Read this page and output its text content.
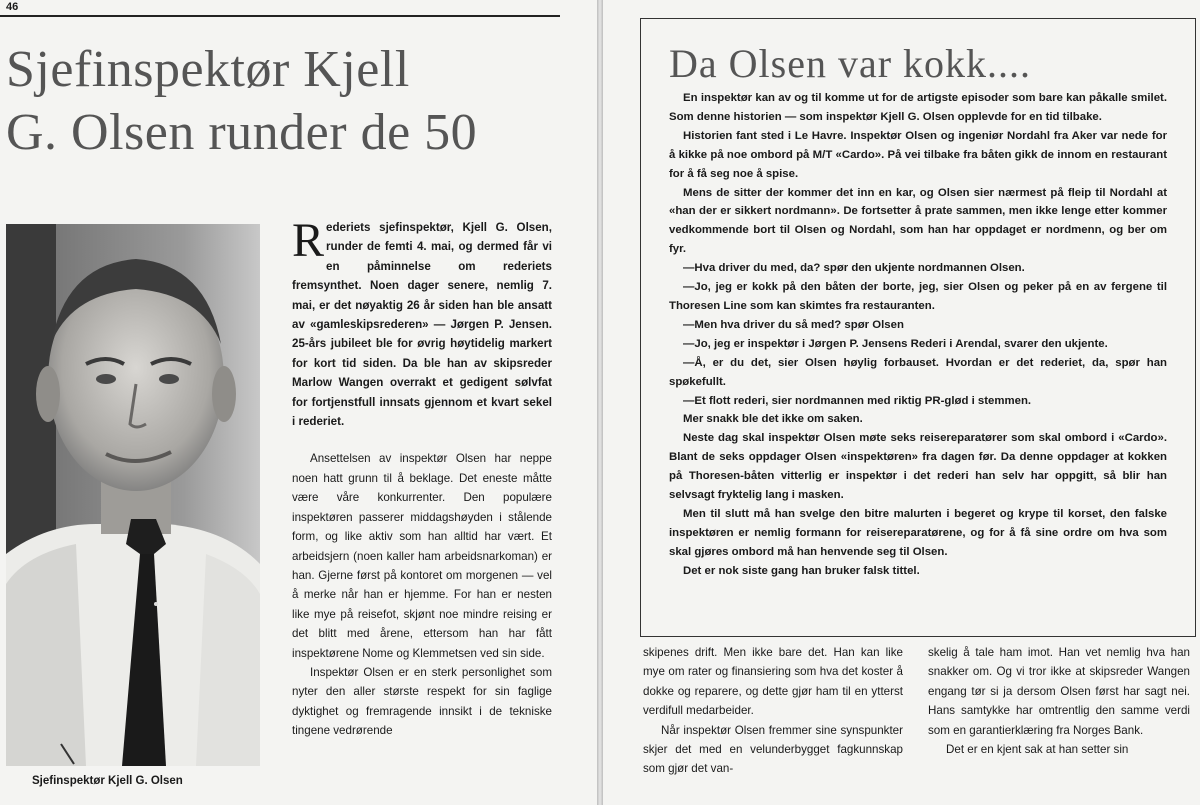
46
Sjefinspektør Kjell
G. Olsen runder de 50

Sjefinspektør Kjell G. Olsen

Rederiets sjefinspektør, Kjell G. Olsen, runder de femti 4. mai, og dermed får vi en påminnelse om rederiets fremsynthet. Noen dager senere, nemlig 7. mai, er det nøyaktig 26 år siden han ble ansatt av «gamleskipsrederen» — Jørgen P. Jensen. 25-års jubileet ble for øvrig høytidelig markert for kort tid siden. Da ble han av skipsreder Marlow Wangen overrakt et gedigent sølvfat for fortjenstfull innsats gjennom et kvart sekel i rederiet.

Ansettelsen av inspektør Olsen har neppe noen hatt grunn til å beklage. Det eneste måtte være våre konkurrenter. Den populære inspektøren passerer middagshøyden i stålende form, og like aktiv som han alltid har vært. Et arbeidsjern (noen kaller ham arbeidsnarkoman) er han. Gjerne først på kontoret om morgenen — vel å merke når han er hjemme. For han er nesten like mye på reisefot, skjønt noe mindre reising er det blitt med årene, ettersom han har fått inspektørene Nome og Klemmetsen ved sin side.

Inspektør Olsen er en sterk personlighet som nyter den aller største respekt for sin faglige dyktighet og fremragende innsikt i de tekniske tingene vedrørende

Da Olsen var kokk....

En inspektør kan av og til komme ut for de artigste episoder som bare kan påkalle smilet. Som denne historien — som inspektør Kjell G. Olsen opplevde for en tid tilbake.

Historien fant sted i Le Havre. Inspektør Olsen og ingeniør Nordahl fra Aker var nede for å kikke på noe ombord på M/T «Cardo». På vei tilbake fra båten gikk de innom en restaurant for å få seg noe å spise.

Mens de sitter der kommer det inn en kar, og Olsen sier nærmest på fleip til Nordahl at «han der er sikkert nordmann». De fortsetter å prate sammen, men ikke lenge etter kommer vedkommende bort til Olsen og Nordahl, som han har oppdaget er nordmenn, og ber om fyr.

—Hva driver du med, da? spør den ukjente nordmannen Olsen.

—Jo, jeg er kokk på den båten der borte, jeg, sier Olsen og peker på en av fergene til Thoresen Line som kan skimtes fra restauranten.

—Men hva driver du så med? spør Olsen

—Jo, jeg er inspektør i Jørgen P. Jensens Rederi i Arendal, svarer den ukjente.

—Å, er du det, sier Olsen høylig forbauset. Hvordan er det rederiet, da, spør han spøkefullt.

—Et flott rederi, sier nordmannen med riktig PR-glød i stemmen.

Mer snakk ble det ikke om saken.

Neste dag skal inspektør Olsen møte seks reisereparatører som skal ombord i «Cardo». Blant de seks oppdager Olsen «inspektøren» fra dagen før. Da denne oppdager at kokken på Thoresen-båten vitterlig er inspektør i det rederi han selv har oppgitt, så blir han selvsagt fryktelig lang i masken.

Men til slutt må han svelge den bitre malurten i begeret og krype til korset, den falske inspektøren er nemlig formann for reisereparatørene, og for å få sine ordre om hva som skal gjøres ombord må han henvende seg til Olsen.

Det er nok siste gang han bruker falsk tittel.

skipenes drift. Men ikke bare det. Han kan like mye om rater og finansiering som hva det koster å dokke og reparere, og dette gjør ham til en ytterst verdifull medarbeider.

Når inspektør Olsen fremmer sine synspunkter skjer det med en velunderbygget fagkunnskap som gjør det van-

skelig å tale ham imot. Han vet nemlig hva han snakker om. Og vi tror ikke at skipsreder Wangen engang tør si ja dersom Olsen først har sagt nei. Hans samtykke har omtrentlig den samme verdi som en garantierklæring fra Norges Bank.

Det er en kjent sak at han setter sin
